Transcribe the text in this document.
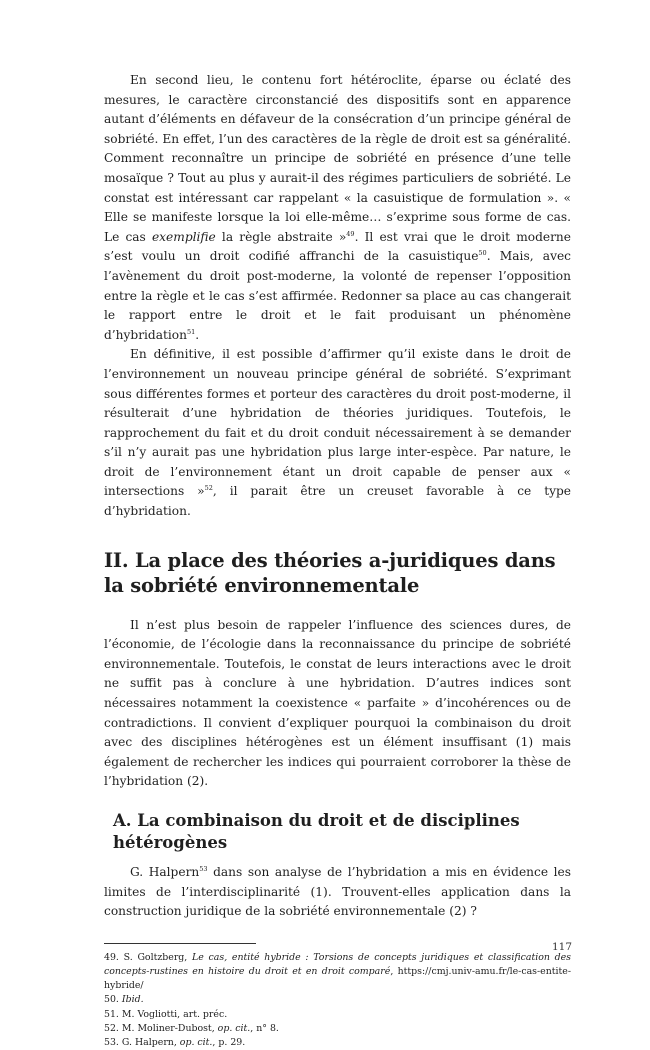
En second lieu, le contenu fort hétéroclite, éparse ou éclaté des mesures, le caractère circonstancié des dispositifs sont en apparence autant d’éléments en défaveur de la consécration d’un principe général de sobriété. En effet, l’un des caractères de la règle de droit est sa généralité. Comment reconnaître un principe de sobriété en présence d’une telle mosaïque ? Tout au plus y aurait-il des régimes particuliers de sobriété. Le constat est intéressant car rappelant « la casuistique de formulation ». « Elle se manifeste lorsque la loi elle-même… s’exprime sous forme de cas. Le cas exemplifie la règle abstraite »$^{49}$. Il est vrai que le droit moderne s’est voulu un droit codifié affranchi de la casuistique$^{50}$. Mais, avec l’avènement du droit post-moderne, la volonté de repenser l’opposition entre la règle et le cas s’est affirmée. Redonner sa place au cas changerait le rapport entre le droit et le fait produisant un phénomène d’hybridation$^{51}$.

En définitive, il est possible d’affirmer qu’il existe dans le droit de l’environnement un nouveau principe général de sobriété. S’exprimant sous différentes formes et porteur des caractères du droit post-moderne, il résulterait d’une hybridation de théories juridiques. Toutefois, le rapprochement du fait et du droit conduit nécessairement à se demander s’il n’y aurait pas une hybridation plus large inter-espèce. Par nature, le droit de l’environnement étant un droit capable de penser aux « intersections »$^{52}$, il parait être un creuset favorable à ce type d’hybridation.

II. La place des théories a-juridiques dans la sobriété environnementale

Il n’est plus besoin de rappeler l’influence des sciences dures, de l’économie, de l’écologie dans la reconnaissance du principe de sobriété environnementale. Toutefois, le constat de leurs interactions avec le droit ne suffit pas à conclure à une hybridation. D’autres indices sont nécessaires notamment la coexistence « parfaite » d’incohérences ou de contradictions. Il convient d’expliquer pourquoi la combinaison du droit avec des disciplines hétérogènes est un élément insuffisant (1) mais également de rechercher les indices qui pourraient corroborer la thèse de l’hybridation (2).

A. La combinaison du droit et de disciplines hétérogènes

G. Halpern$^{53}$ dans son analyse de l’hybridation a mis en évidence les limites de l’interdisciplinarité (1). Trouvent-elles application dans la construction juridique de la sobriété environnementale (2) ?

49. S. Goltzberg, Le cas, entité hybride : Torsions de concepts juridiques et classification des concepts-rustines en histoire du droit et en droit comparé, https://cmj.univ-amu.fr/le-cas-entite-hybride/

50. Ibid.

51. M. Vogliotti, art. préc.

52. M. Moliner-Dubost, op. cit., n° 8.

53. G. Halpern, op. cit., p. 29.

117
